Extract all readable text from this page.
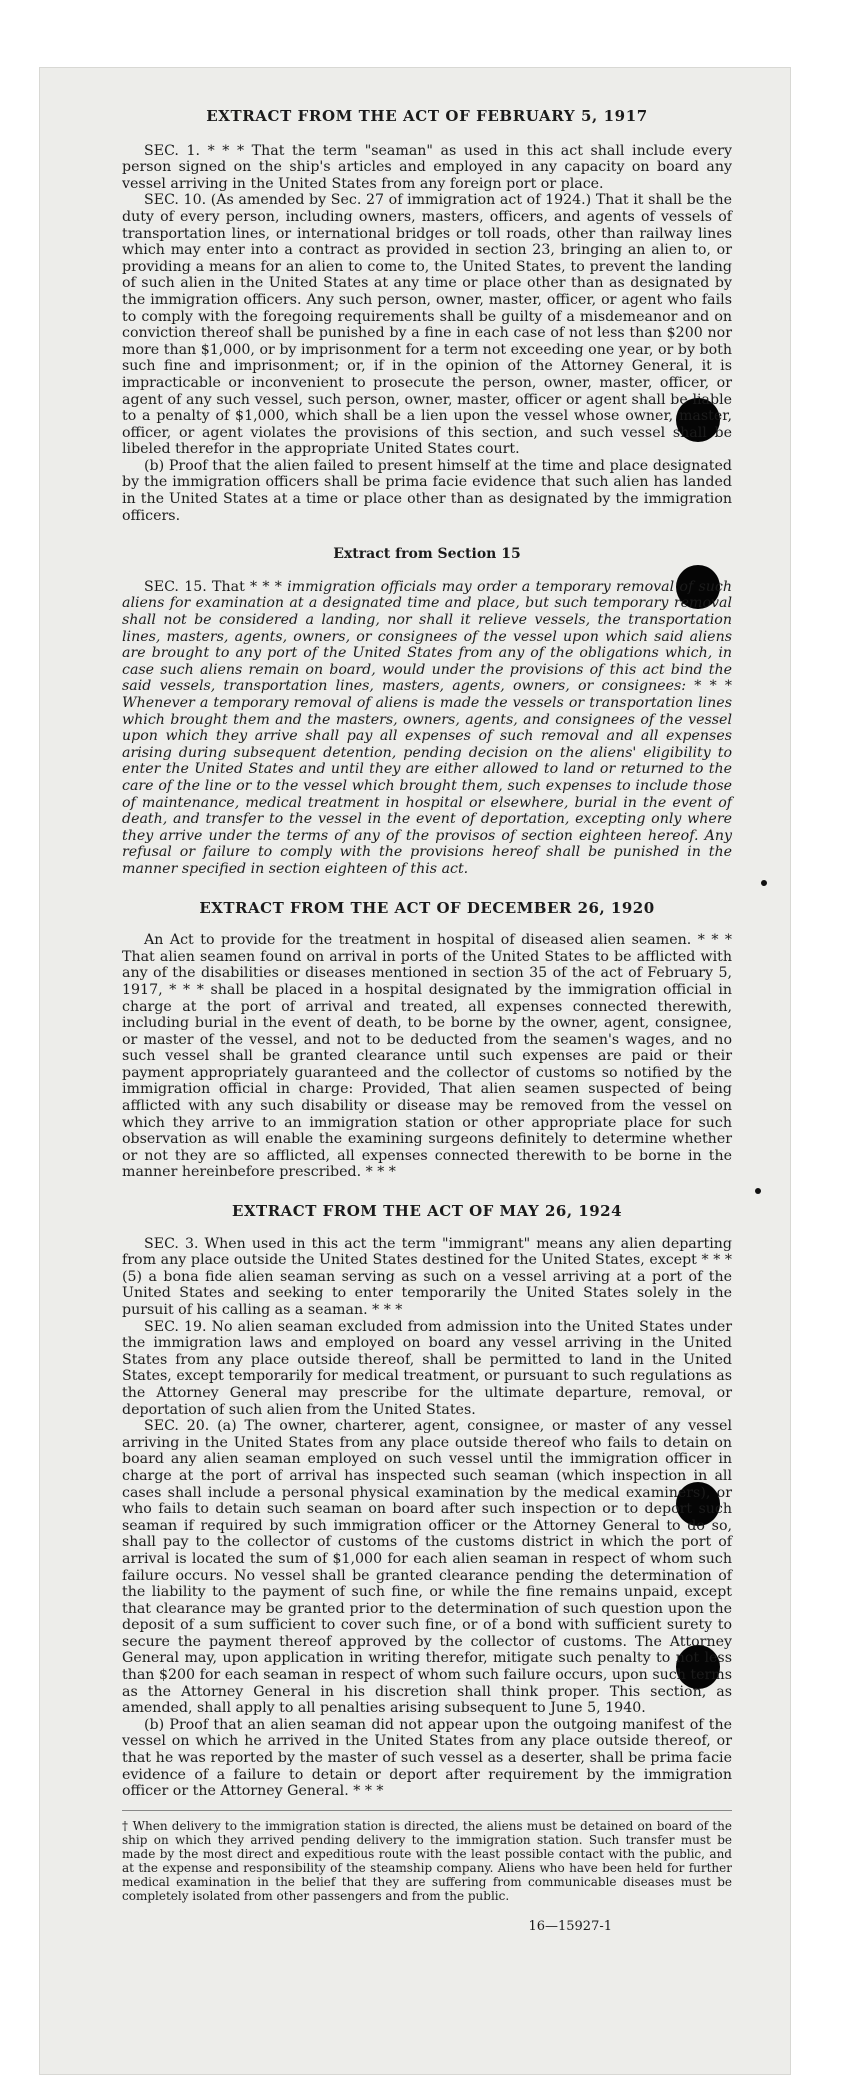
EXTRACT FROM THE ACT OF FEBRUARY 5, 1917

SEC. 1. * * * That the term "seaman" as used in this act shall include every person signed on the ship's articles and employed in any capacity on board any vessel arriving in the United States from any foreign port or place.

SEC. 10. (As amended by Sec. 27 of immigration act of 1924.) That it shall be the duty of every person, including owners, masters, officers, and agents of vessels of transportation lines, or international bridges or toll roads, other than railway lines which may enter into a contract as provided in section 23, bringing an alien to, or providing a means for an alien to come to, the United States, to prevent the landing of such alien in the United States at any time or place other than as designated by the immigration officers. Any such person, owner, master, officer, or agent who fails to comply with the foregoing requirements shall be guilty of a misdemeanor and on conviction thereof shall be punished by a fine in each case of not less than $200 nor more than $1,000, or by imprisonment for a term not exceeding one year, or by both such fine and imprisonment; or, if in the opinion of the Attorney General, it is impracticable or inconvenient to prosecute the person, owner, master, officer, or agent of any such vessel, such person, owner, master, officer or agent shall be liable to a penalty of $1,000, which shall be a lien upon the vessel whose owner, master, officer, or agent violates the provisions of this section, and such vessel shall be libeled therefor in the appropriate United States court.

(b) Proof that the alien failed to present himself at the time and place designated by the immigration officers shall be prima facie evidence that such alien has landed in the United States at a time or place other than as designated by the immigration officers.

Extract from Section 15

SEC. 15. That * * * immigration officials may order a temporary removal of such aliens for examination at a designated time and place, but such temporary removal shall not be considered a landing, nor shall it relieve vessels, the transportation lines, masters, agents, owners, or consignees of the vessel upon which said aliens are brought to any port of the United States from any of the obligations which, in case such aliens remain on board, would under the provisions of this act bind the said vessels, transportation lines, masters, agents, owners, or consignees: * * * Whenever a temporary removal of aliens is made the vessels or transportation lines which brought them and the masters, owners, agents, and consignees of the vessel upon which they arrive shall pay all expenses of such removal and all expenses arising during subsequent detention, pending decision on the aliens' eligibility to enter the United States and until they are either allowed to land or returned to the care of the line or to the vessel which brought them, such expenses to include those of maintenance, medical treatment in hospital or elsewhere, burial in the event of death, and transfer to the vessel in the event of deportation, excepting only where they arrive under the terms of any of the provisos of section eighteen hereof. Any refusal or failure to comply with the provisions hereof shall be punished in the manner specified in section eighteen of this act.

EXTRACT FROM THE ACT OF DECEMBER 26, 1920

An Act to provide for the treatment in hospital of diseased alien seamen. * * * That alien seamen found on arrival in ports of the United States to be afflicted with any of the disabilities or diseases mentioned in section 35 of the act of February 5, 1917, * * * shall be placed in a hospital designated by the immigration official in charge at the port of arrival and treated, all expenses connected therewith, including burial in the event of death, to be borne by the owner, agent, consignee, or master of the vessel, and not to be deducted from the seamen's wages, and no such vessel shall be granted clearance until such expenses are paid or their payment appropriately guaranteed and the collector of customs so notified by the immigration official in charge: Provided, That alien seamen suspected of being afflicted with any such disability or disease may be removed from the vessel on which they arrive to an immigration station or other appropriate place for such observation as will enable the examining surgeons definitely to determine whether or not they are so afflicted, all expenses connected therewith to be borne in the manner hereinbefore prescribed. * * *

EXTRACT FROM THE ACT OF MAY 26, 1924

SEC. 3. When used in this act the term "immigrant" means any alien departing from any place outside the United States destined for the United States, except * * * (5) a bona fide alien seaman serving as such on a vessel arriving at a port of the United States and seeking to enter temporarily the United States solely in the pursuit of his calling as a seaman. * * *

SEC. 19. No alien seaman excluded from admission into the United States under the immigration laws and employed on board any vessel arriving in the United States from any place outside thereof, shall be permitted to land in the United States, except temporarily for medical treatment, or pursuant to such regulations as the Attorney General may prescribe for the ultimate departure, removal, or deportation of such alien from the United States.

SEC. 20. (a) The owner, charterer, agent, consignee, or master of any vessel arriving in the United States from any place outside thereof who fails to detain on board any alien seaman employed on such vessel until the immigration officer in charge at the port of arrival has inspected such seaman (which inspection in all cases shall include a personal physical examination by the medical examiners), or who fails to detain such seaman on board after such inspection or to deport such seaman if required by such immigration officer or the Attorney General to do so, shall pay to the collector of customs of the customs district in which the port of arrival is located the sum of $1,000 for each alien seaman in respect of whom such failure occurs. No vessel shall be granted clearance pending the determination of the liability to the payment of such fine, or while the fine remains unpaid, except that clearance may be granted prior to the determination of such question upon the deposit of a sum sufficient to cover such fine, or of a bond with sufficient surety to secure the payment thereof approved by the collector of customs. The Attorney General may, upon application in writing therefor, mitigate such penalty to not less than $200 for each seaman in respect of whom such failure occurs, upon such terms as the Attorney General in his discretion shall think proper. This section, as amended, shall apply to all penalties arising subsequent to June 5, 1940.

(b) Proof that an alien seaman did not appear upon the outgoing manifest of the vessel on which he arrived in the United States from any place outside thereof, or that he was reported by the master of such vessel as a deserter, shall be prima facie evidence of a failure to detain or deport after requirement by the immigration officer or the Attorney General. * * *

† When delivery to the immigration station is directed, the aliens must be detained on board of the ship on which they arrived pending delivery to the immigration station. Such transfer must be made by the most direct and expeditious route with the least possible contact with the public, and at the expense and responsibility of the steamship company. Aliens who have been held for further medical examination in the belief that they are suffering from communicable diseases must be completely isolated from other passengers and from the public.
16—15927-1
